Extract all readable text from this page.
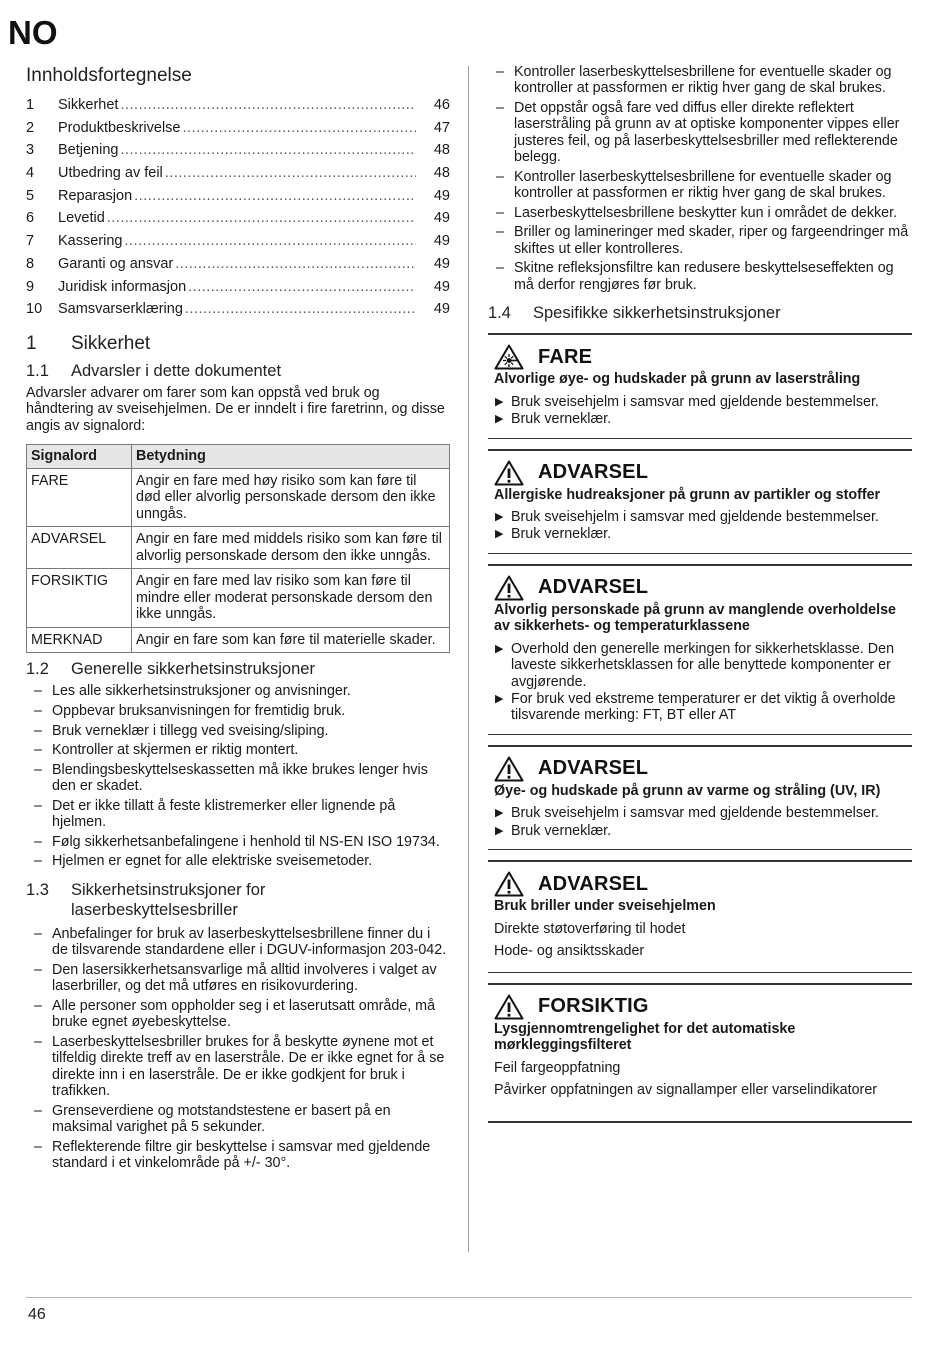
NO
Innholdsfortegnelse
1	Sikkerhet .....	46
2	Produktbeskrivelse .....	47
3	Betjening .....	48
4	Utbedring av feil .....	48
5	Reparasjon .....	49
6	Levetid .....	49
7	Kassering .....	49
8	Garanti og ansvar .....	49
9	Juridisk informasjon .....	49
10	Samsvarserklæring .....	49
1	Sikkerhet
1.1	Advarsler i dette dokumentet

Advarsler advarer om farer som kan oppstå ved bruk og håndtering av sveisehjelmen. De er inndelt i fire faretrinn, og disse angis av signalord:

Signalord	Betydning
FARE	Angir en fare med høy risiko som kan føre til død eller alvorlig personskade dersom den ikke unngås.
ADVARSEL	Angir en fare med middels risiko som kan føre til alvorlig personskade dersom den ikke unngås.
FORSIKTIG	Angir en fare med lav risiko som kan føre til mindre eller moderat personskade dersom den ikke unngås.
MERKNAD	Angir en fare som kan føre til materielle skader.
1.2	Generelle sikkerhetsinstruksjoner
– Les alle sikkerhetsinstruksjoner og anvisninger.
– Oppbevar bruksanvisningen for fremtidig bruk.
– Bruk verneklær i tillegg ved sveising/sliping.
– Kontroller at skjermen er riktig montert.
– Blendingsbeskyttelseskassetten må ikke brukes lenger hvis den er skadet.
– Det er ikke tillatt å feste klistremerker eller lignende på hjelmen.
– Følg sikkerhetsanbefalingene i henhold til NS-EN ISO 19734.
– Hjelmen er egnet for alle elektriske sveisemetoder.
1.3	Sikkerhetsinstruksjoner for
laserbeskyttelsesbriller
– Anbefalinger for bruk av laserbeskyttelsesbrillene finner du i de tilsvarende standardene eller i DGUV-informasjon 203-042.
– Den lasersikkerhetsansvarlige må alltid involveres i valget av laserbriller, og det må utføres en risikovurdering.
– Alle personer som oppholder seg i et laserutsatt område, må bruke egnet øyebeskyttelse.
– Laserbeskyttelsesbriller brukes for å beskytte øynene mot et tilfeldig direkte treff av en laserstråle. De er ikke egnet for å se direkte inn i en laserstråle. De er ikke godkjent for bruk i trafikken.
– Grenseverdiene og motstandstestene er basert på en maksimal varighet på 5 sekunder.
– Reflekterende filtre gir beskyttelse i samsvar med gjeldende standard i et vinkelområde på +/- 30°.
– Kontroller laserbeskyttelsesbrillene for eventuelle skader og kontroller at passformen er riktig hver gang de skal brukes.
– Det oppstår også fare ved diffus eller direkte reflektert laserstråling på grunn av at optiske komponenter vippes eller justeres feil, og på laserbeskyttelsesbriller med reflekterende belegg.
– Kontroller laserbeskyttelsesbrillene for eventuelle skader og kontroller at passformen er riktig hver gang de skal brukes.
– Laserbeskyttelsesbrillene beskytter kun i området de dekker.
– Briller og lamineringer med skader, riper og fargeendringer må skiftes ut eller kontrolleres.
– Skitne refleksjonsfiltre kan redusere beskyttelseseffekten og må derfor rengjøres før bruk.
1.4	Spesifikke sikkerhetsinstruksjoner
FARE
Alvorlige øye- og hudskader på grunn av laserstråling
▶ Bruk sveisehjelm i samsvar med gjeldende bestemmelser.
▶ Bruk verneklær.
ADVARSEL
Allergiske hudreaksjoner på grunn av partikler og stoffer
▶ Bruk sveisehjelm i samsvar med gjeldende bestemmelser.
▶ Bruk verneklær.
ADVARSEL
Alvorlig personskade på grunn av manglende overholdelse av sikkerhets- og temperaturklassene
▶ Overhold den generelle merkingen for sikkerhetsklasse. Den laveste sikkerhetsklassen for alle benyttede komponenter er avgjørende.
▶ For bruk ved ekstreme temperaturer er det viktig å overholde tilsvarende merking: FT, BT eller AT
ADVARSEL
Øye- og hudskade på grunn av varme og stråling (UV, IR)
▶ Bruk sveisehjelm i samsvar med gjeldende bestemmelser.
▶ Bruk verneklær.
ADVARSEL
Bruk briller under sveisehjelmen
Direkte støtoverføring til hodet
Hode- og ansiktsskader
FORSIKTIG
Lysgjennomtrengelighet for det automatiske mørkleggingsfilteret
Feil fargeoppfatning
Påvirker oppfatningen av signallamper eller varselindikatorer
46
